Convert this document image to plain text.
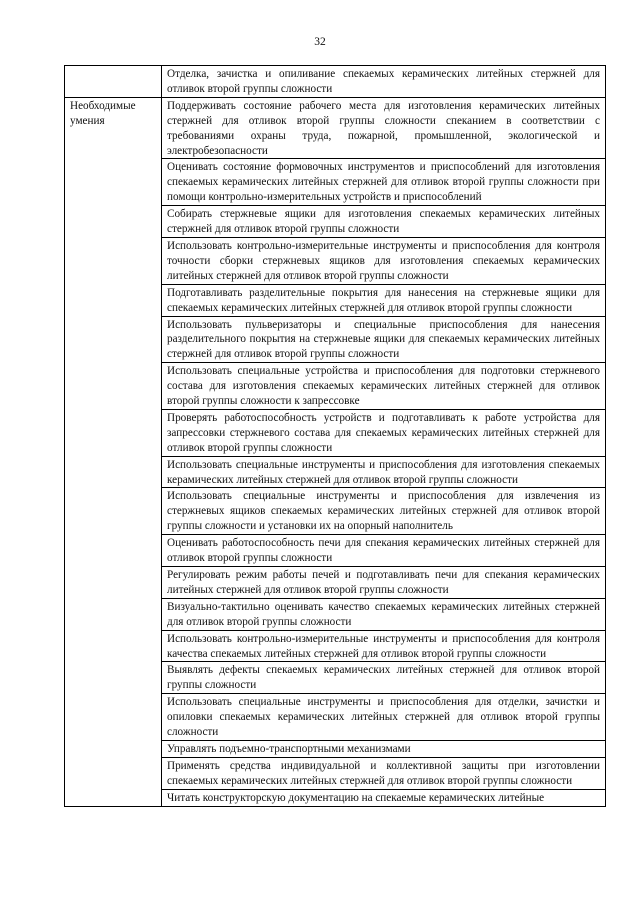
32
	Отделка, зачистка и опиливание спекаемых керамических литейных стержней для отливок второй группы сложности
Необходимые умения	Поддерживать состояние рабочего места для изготовления керамических литейных стержней для отливок второй группы сложности спеканием в соответствии с требованиями охраны труда, пожарной, промышленной, экологической и электробезопасности
	Оценивать состояние формовочных инструментов и приспособлений для изготовления спекаемых керамических литейных стержней для отливок второй группы сложности при помощи контрольно-измерительных устройств и приспособлений
	Собирать стержневые ящики для изготовления спекаемых керамических литейных стержней для отливок второй группы сложности
	Использовать контрольно-измерительные инструменты и приспособления для контроля точности сборки стержневых ящиков для изготовления спекаемых керамических литейных стержней для отливок второй группы сложности
	Подготавливать разделительные покрытия для нанесения на стержневые ящики для спекаемых керамических литейных стержней для отливок второй группы сложности
	Использовать пульверизаторы и специальные приспособления для нанесения разделительного покрытия на стержневые ящики для спекаемых керамических литейных стержней для отливок второй группы сложности
	Использовать специальные устройства и приспособления для подготовки стержневого состава для изготовления спекаемых керамических литейных стержней для отливок второй группы сложности к запрессовке
	Проверять работоспособность устройств и подготавливать к работе устройства для запрессовки стержневого состава для спекаемых керамических литейных стержней для отливок второй группы сложности
	Использовать специальные инструменты и приспособления для изготовления спекаемых керамических литейных стержней для отливок второй группы сложности
	Использовать специальные инструменты и приспособления для извлечения из стержневых ящиков спекаемых керамических литейных стержней для отливок второй группы сложности и установки их на опорный наполнитель
	Оценивать работоспособность печи для спекания керамических литейных стержней для отливок второй группы сложности
	Регулировать режим работы печей и подготавливать печи для спекания керамических литейных стержней для отливок второй группы сложности
	Визуально-тактильно оценивать качество спекаемых керамических литейных стержней для отливок второй группы сложности
	Использовать контрольно-измерительные инструменты и приспособления для контроля качества спекаемых литейных стержней для отливок второй группы сложности
	Выявлять дефекты спекаемых керамических литейных стержней для отливок второй группы сложности
	Использовать специальные инструменты и приспособления для отделки, зачистки и опиловки спекаемых керамических литейных стержней для отливок второй группы сложности
	Управлять подъемно-транспортными механизмами
	Применять средства индивидуальной и коллективной защиты при изготовлении спекаемых керамических литейных стержней для отливок второй группы сложности
	Читать конструкторскую документацию на спекаемые керамических литейные
